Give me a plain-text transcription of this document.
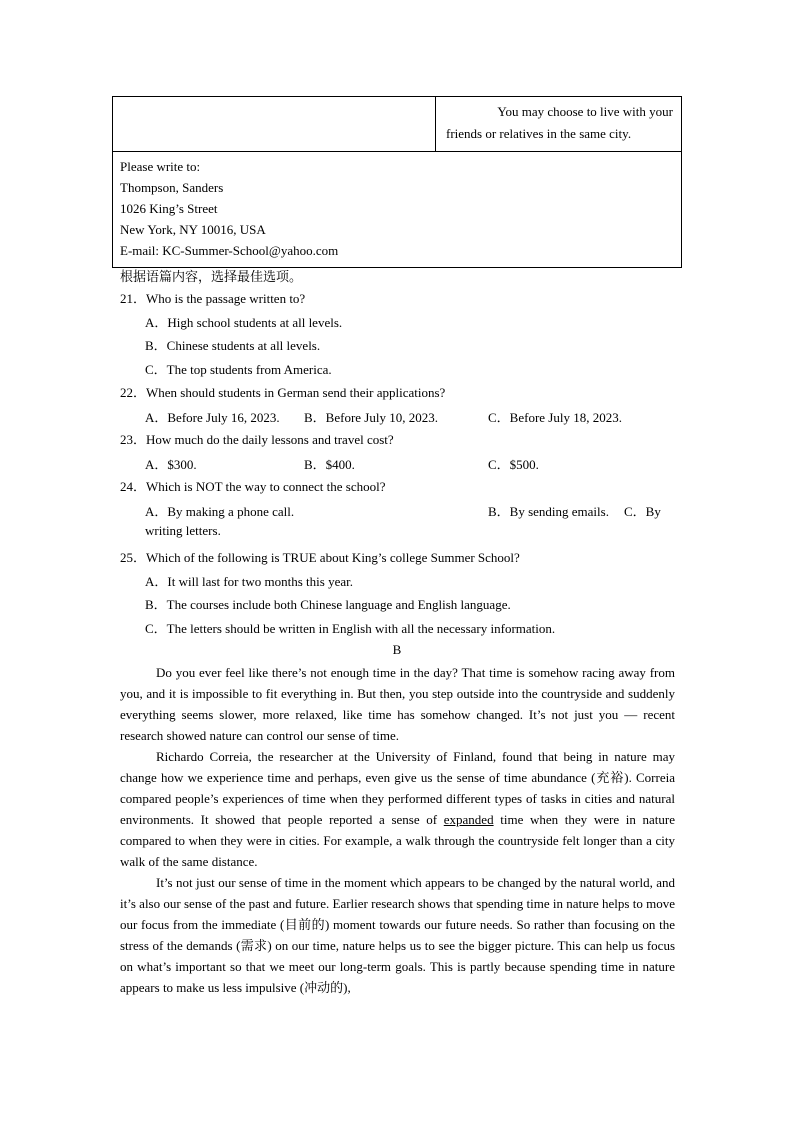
You may choose to live with your
friends or relatives in the same city.

Please write to:
Thompson, Sanders
1026 King’s Street
New York, NY 10016, USA
E-mail: KC-Summer-School@yahoo.com
根据语篇内容，选择最佳选项。
21．Who is the passage written to?
A．High school students at all levels.
B．Chinese students at all levels.
C．The top students from America.
22．When should students in German send their applications?
A．Before July 16, 2023. B．Before July 10, 2023.	C．Before July 18, 2023.
23．How much do the daily lessons and travel cost?
A．$300.	B．$400.	C．$500.
24．Which is NOT the way to connect the school?
A．By making a phone call.	B．By sending emails. C．By
writing letters.
25．Which of the following is TRUE about King’s college Summer School?
A．It will last for two months this year.
B．The courses include both Chinese language and English language.
C．The letters should be written in English with all the necessary information.
B

Do you ever feel like there’s not enough time in the day? That time is somehow racing away from you, and it is impossible to fit everything in. But then, you step outside into the countryside and suddenly everything seems slower, more relaxed, like time has somehow changed. It’s not just you — recent research showed nature can control our sense of time.

Richardo Correia, the researcher at the University of Finland, found that being in nature may change how we experience time and perhaps, even give us the sense of time abundance (充裕). Correia compared people’s experiences of time when they performed different types of tasks in cities and natural environments. It showed that people reported a sense of expanded time when they were in nature compared to when they were in cities. For example, a walk through the countryside felt longer than a city walk of the same distance.

It’s not just our sense of time in the moment which appears to be changed by the natural world, and it’s also our sense of the past and future. Earlier research shows that spending time in nature helps to move our focus from the immediate (目前的) moment towards our future needs. So rather than focusing on the stress of the demands (需求) on our time, nature helps us to see the bigger picture. This can help us focus on what’s important so that we meet our long-term goals. This is partly because spending time in nature appears to make us less impulsive (冲动的),
